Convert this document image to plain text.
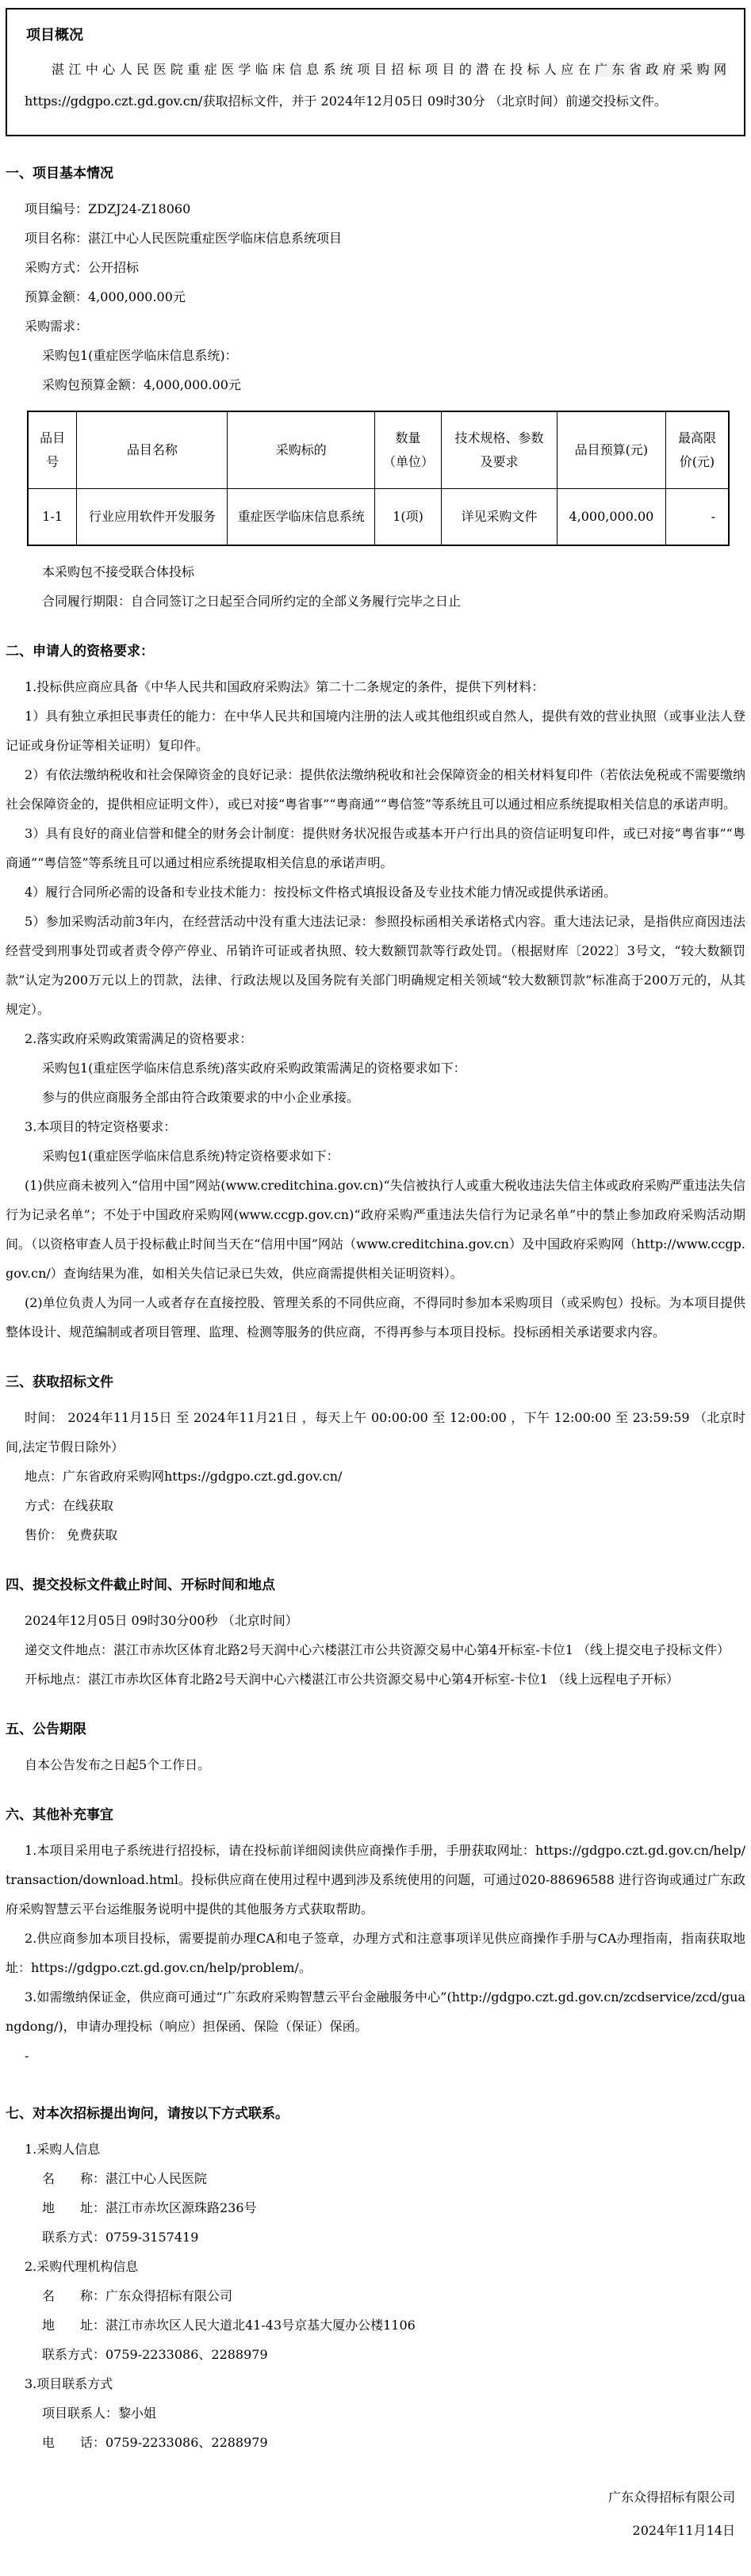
项目概况

湛江中心人民医院重症医学临床信息系统项目招标项目的潜在投标人应在广东省政府采购网https://gdgpo.czt.gd.gov.cn/获取招标文件，并于 2024年12月05日 09时30分 （北京时间）前递交投标文件。

一、项目基本情况

项目编号：ZDZJ24-Z18060

项目名称：湛江中心人民医院重症医学临床信息系统项目

采购方式：公开招标

预算金额：4,000,000.00元

采购需求：

采购包1(重症医学临床信息系统)：

采购包预算金额：4,000,000.00元

品目号	品目名称	采购标的	数量（单位）	技术规格、参数及要求	品目预算(元)	最高限价(元)
1-1	行业应用软件开发服务	重症医学临床信息系统	1(项)	详见采购文件	4,000,000.00	-

本采购包不接受联合体投标

合同履行期限：自合同签订之日起至合同所约定的全部义务履行完毕之日止

二、申请人的资格要求：

1.投标供应商应具备《中华人民共和国政府采购法》第二十二条规定的条件，提供下列材料：

1）具有独立承担民事责任的能力：在中华人民共和国境内注册的法人或其他组织或自然人，提供有效的营业执照（或事业法人登记证或身份证等相关证明）复印件。

2）有依法缴纳税收和社会保障资金的良好记录：提供依法缴纳税收和社会保障资金的相关材料复印件（若依法免税或不需要缴纳社会保障资金的，提供相应证明文件），或已对接“粤省事”“粤商通”“粤信签”等系统且可以通过相应系统提取相关信息的承诺声明。

3）具有良好的商业信誉和健全的财务会计制度：提供财务状况报告或基本开户行出具的资信证明复印件，或已对接“粤省事”“粤商通”“粤信签”等系统且可以通过相应系统提取相关信息的承诺声明。

4）履行合同所必需的设备和专业技术能力：按投标文件格式填报设备及专业技术能力情况或提供承诺函。

5）参加采购活动前3年内，在经营活动中没有重大违法记录：参照投标函相关承诺格式内容。重大违法记录，是指供应商因违法经营受到刑事处罚或者责令停产停业、吊销许可证或者执照、较大数额罚款等行政处罚。（根据财库〔2022〕3号文，“较大数额罚款”认定为200万元以上的罚款，法律、行政法规以及国务院有关部门明确规定相关领域“较大数额罚款”标准高于200万元的，从其规定）。

2.落实政府采购政策需满足的资格要求：

采购包1(重症医学临床信息系统)落实政府采购政策需满足的资格要求如下：

参与的供应商服务全部由符合政策要求的中小企业承接。

3.本项目的特定资格要求：

采购包1(重症医学临床信息系统)特定资格要求如下：

(1)供应商未被列入“信用中国”网站(www.creditchina.gov.cn)“失信被执行人或重大税收违法失信主体或政府采购严重违法失信行为记录名单”；不处于中国政府采购网(www.ccgp.gov.cn)“政府采购严重违法失信行为记录名单”中的禁止参加政府采购活动期间。（以资格审查人员于投标截止时间当天在“信用中国”网站（www.creditchina.gov.cn）及中国政府采购网（http://www.ccgp.gov.cn/）查询结果为准，如相关失信记录已失效，供应商需提供相关证明资料）。

(2)单位负责人为同一人或者存在直接控股、管理关系的不同供应商，不得同时参加本采购项目（或采购包）投标。为本项目提供整体设计、规范编制或者项目管理、监理、检测等服务的供应商，不得再参与本项目投标。投标函相关承诺要求内容。

三、获取招标文件

时间： 2024年11月15日 至 2024年11月21日 ，每天上午 00:00:00 至 12:00:00 ，下午 12:00:00 至 23:59:59 （北京时间,法定节假日除外）

地点：广东省政府采购网https://gdgpo.czt.gd.gov.cn/

方式：在线获取

售价： 免费获取

四、提交投标文件截止时间、开标时间和地点

2024年12月05日 09时30分00秒 （北京时间）

递交文件地点：湛江市赤坎区体育北路2号天润中心六楼湛江市公共资源交易中心第4开标室-卡位1 （线上提交电子投标文件）

开标地点：湛江市赤坎区体育北路2号天润中心六楼湛江市公共资源交易中心第4开标室-卡位1 （线上远程电子开标）

五、公告期限

自本公告发布之日起5个工作日。

六、其他补充事宜

1.本项目采用电子系统进行招投标，请在投标前详细阅读供应商操作手册，手册获取网址：https://gdgpo.czt.gd.gov.cn/help/transaction/download.html。投标供应商在使用过程中遇到涉及系统使用的问题，可通过020-88696588 进行咨询或通过广东政府采购智慧云平台运维服务说明中提供的其他服务方式获取帮助。

2.供应商参加本项目投标，需要提前办理CA和电子签章，办理方式和注意事项详见供应商操作手册与CA办理指南，指南获取地址：https://gdgpo.czt.gd.gov.cn/help/problem/。

3.如需缴纳保证金，供应商可通过“广东政府采购智慧云平台金融服务中心”(http://gdgpo.czt.gd.gov.cn/zcdservice/zcd/guangdong/)，申请办理投标（响应）担保函、保险（保证）保函。

-

七、对本次招标提出询问，请按以下方式联系。

1.采购人信息

名　　称：湛江中心人民医院

地　　址：湛江市赤坎区源珠路236号

联系方式：0759-3157419

2.采购代理机构信息

名　　称：广东众得招标有限公司

地　　址：湛江市赤坎区人民大道北41-43号京基大厦办公楼1106

联系方式：0759-2233086、2288979

3.项目联系方式

项目联系人：黎小姐

电　　话：0759-2233086、2288979

广东众得招标有限公司
2024年11月14日
